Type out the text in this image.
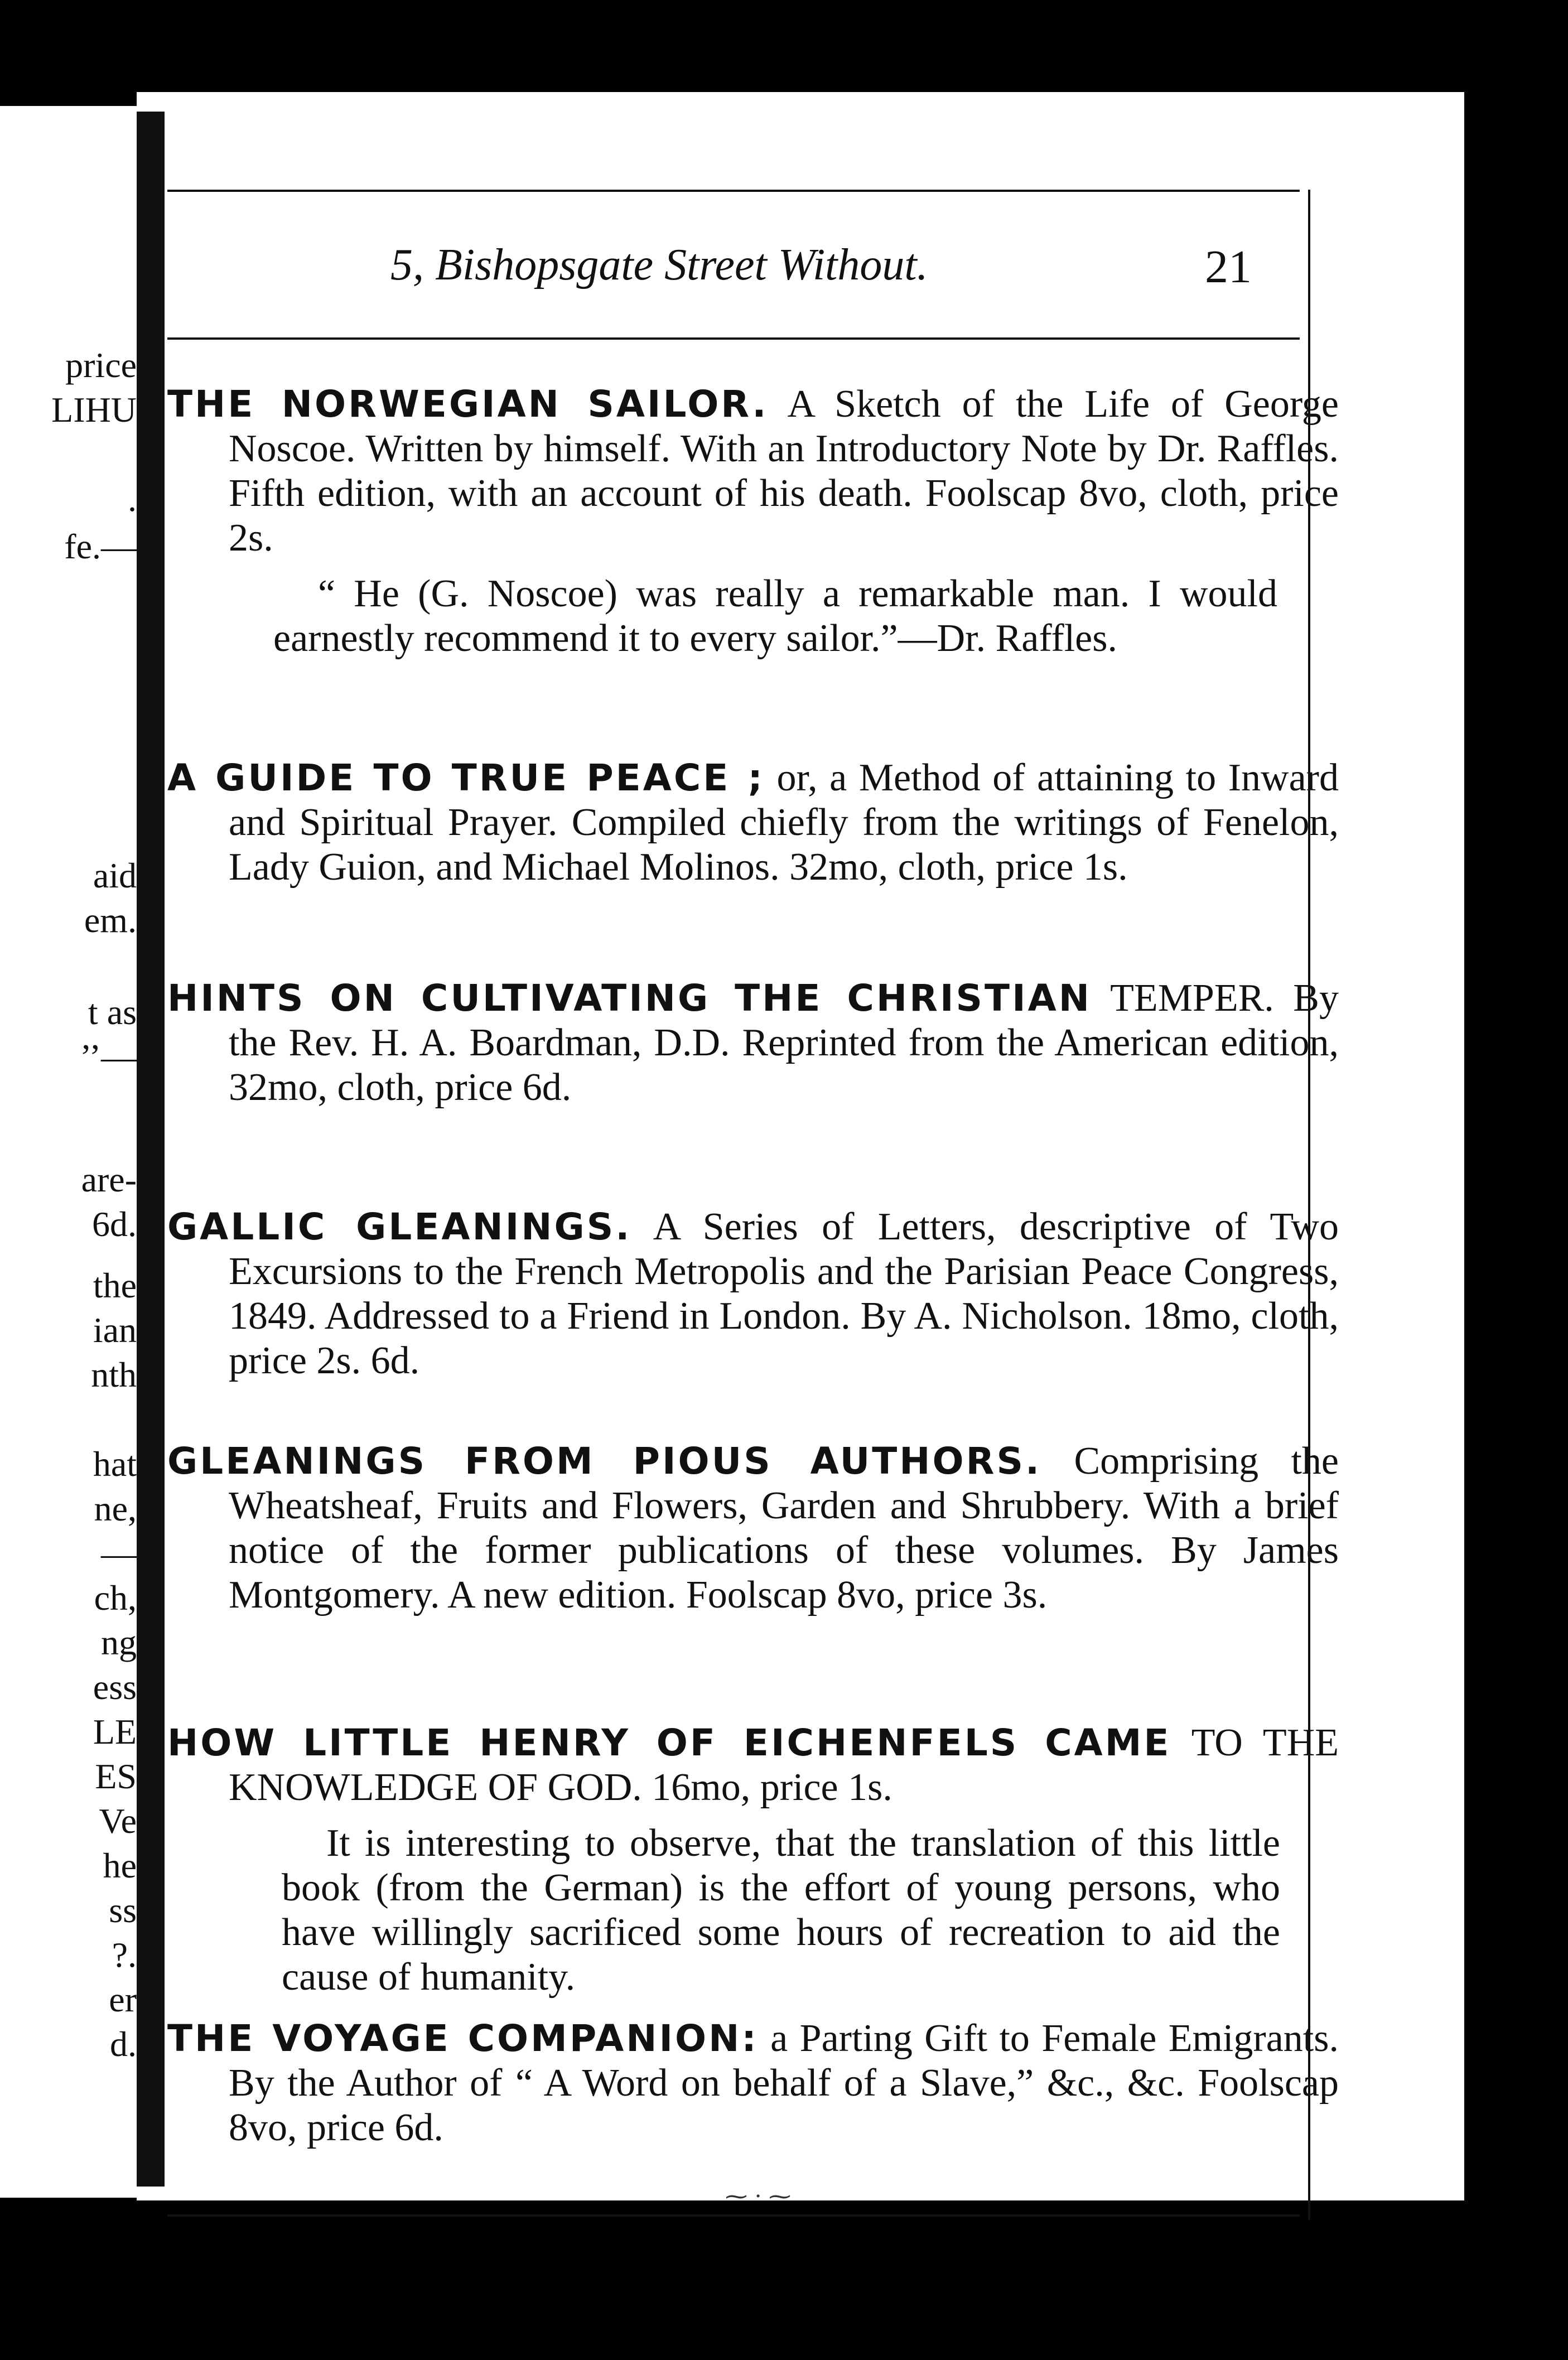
price
LIHU
.
fe.—
aid
em.
t as
’’—
are-
6d.
the
ian
nth
hat
ne,
—
ch,
ng
ess
LE
ES
Ve
he
ss
?.
er
d.
5, Bishopsgate Street Without.	21
THE NORWEGIAN SAILOR. A Sketch of the Life of George Noscoe. Written by himself. With an Introductory Note by Dr. Raffles. Fifth edition, with an account of his death. Foolscap 8vo, cloth, price 2s.
“ He (G. Noscoe) was really a remarkable man. I would earnestly recommend it to every sailor.”—Dr. Raffles.
A GUIDE TO TRUE PEACE ; or, a Method of attaining to Inward and Spiritual Prayer. Compiled chiefly from the writings of Fenelon, Lady Guion, and Michael Molinos. 32mo, cloth, price 1s.
HINTS ON CULTIVATING THE CHRISTIAN TEMPER. By the Rev. H. A. Boardman, D.D. Reprinted from the American edition, 32mo, cloth, price 6d.
GALLIC GLEANINGS. A Series of Letters, descriptive of Two Excursions to the French Metropolis and the Parisian Peace Congress, 1849. Addressed to a Friend in London. By A. Nicholson. 18mo, cloth, price 2s. 6d.
GLEANINGS FROM PIOUS AUTHORS. Comprising the Wheatsheaf, Fruits and Flowers, Garden and Shrubbery. With a brief notice of the former publications of these volumes. By James Montgomery. A new edition. Foolscap 8vo, price 3s.
HOW LITTLE HENRY OF EICHENFELS CAME TO THE KNOWLEDGE OF GOD. 16mo, price 1s.
It is interesting to observe, that the translation of this little book (from the German) is the effort of young persons, who have willingly sacrificed some hours of recreation to aid the cause of humanity.
THE VOYAGE COMPANION: a Parting Gift to Female Emigrants. By the Author of “ A Word on behalf of a Slave,” &c., &c. Foolscap 8vo, price 6d.
⁓ · ⁓
